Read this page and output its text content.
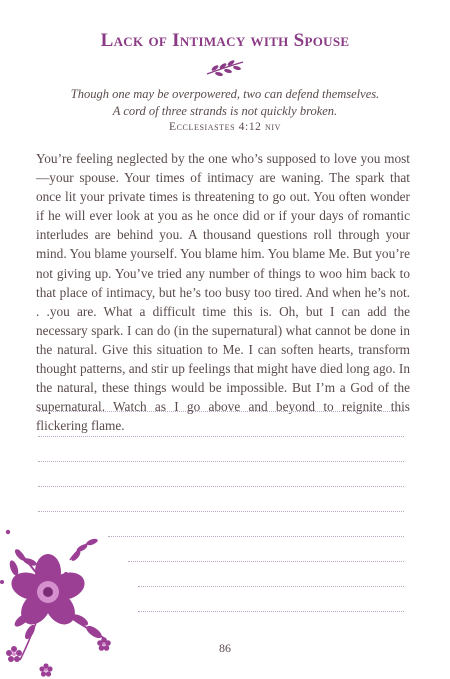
Lack of Intimacy with Spouse
Though one may be overpowered, two can defend themselves.
A cord of three strands is not quickly broken.
Ecclesiastes 4:12 niv

You’re feeling neglected by the one who’s supposed to love you most—your spouse. Your times of intimacy are waning. The spark that once lit your private times is threatening to go out. You often wonder if he will ever look at you as he once did or if your days of romantic interludes are behind you. A thousand questions roll through your mind. You blame yourself. You blame him. You blame Me. But you’re not giving up. You’ve tried any number of things to woo him back to that place of intimacy, but he’s too busy too tired. And when he’s not. . .you are. What a difficult time this is. Oh, but I can add the necessary spark. I can do (in the supernatural) what cannot be done in the natural. Give this situation to Me. I can soften hearts, transform thought patterns, and stir up feelings that might have died long ago. In the natural, these things would be impossible. But I’m a God of the supernatural. Watch as I go above and beyond to reignite this flickering flame.

86
